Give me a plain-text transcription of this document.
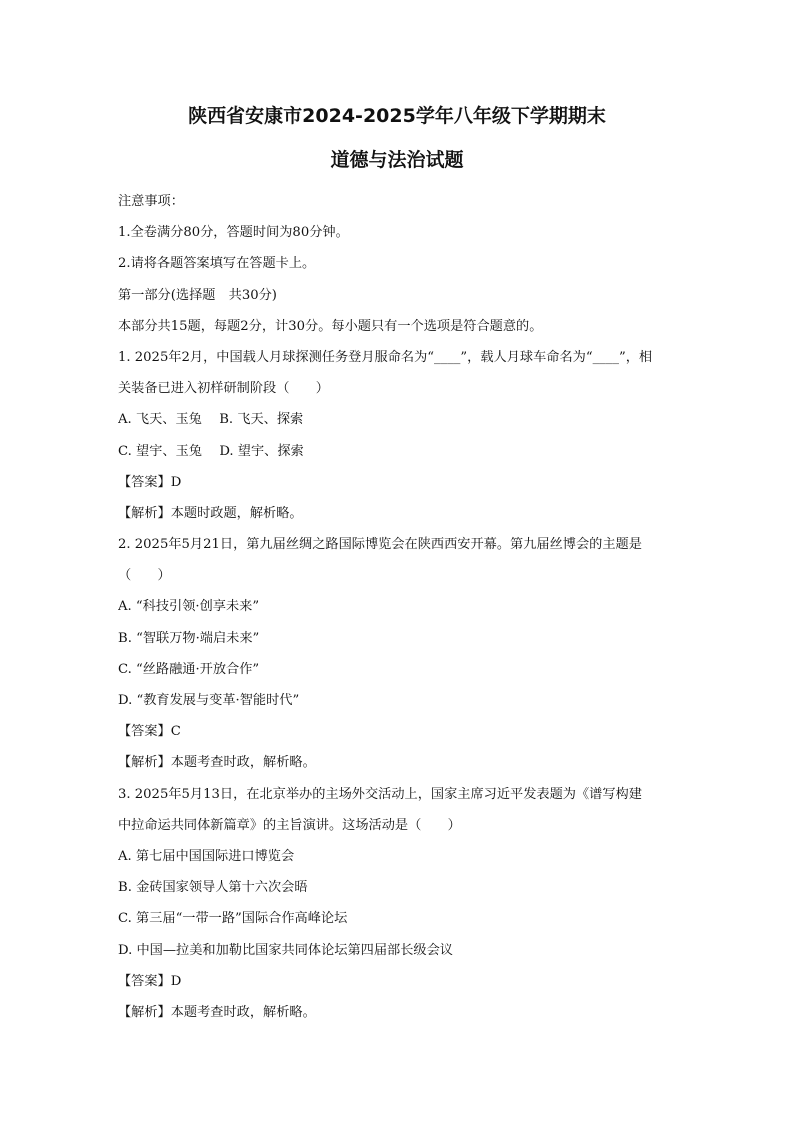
陕西省安康市2024-2025学年八年级下学期期末
道德与法治试题

注意事项：

1.全卷满分80分，答题时间为80分钟。

2.请将各题答案填写在答题卡上。

第一部分(选择题　共30分)

本部分共15题，每题2分，计30分。每小题只有一个选项是符合题意的。

1. 2025年2月，中国载人月球探测任务登月服命名为“____”，载人月球车命名为“____”，相

关装备已进入初样研制阶段（　　）

A. 飞天、玉兔　 B. 飞天、探索

C. 望宇、玉兔　 D. 望宇、探索

【答案】D

【解析】本题时政题，解析略。

2. 2025年5月21日，第九届丝绸之路国际博览会在陕西西安开幕。第九届丝博会的主题是

（　　）

A. “科技引领·创享未来”

B. “智联万物·端启未来”

C. “丝路融通·开放合作”

D. “教育发展与变革·智能时代”

【答案】C

【解析】本题考查时政，解析略。

3. 2025年5月13日，在北京举办的主场外交活动上，国家主席习近平发表题为《谱写构建

中拉命运共同体新篇章》的主旨演讲。这场活动是（　　）

A. 第七届中国国际进口博览会

B. 金砖国家领导人第十六次会晤

C. 第三届“一带一路”国际合作高峰论坛

D. 中国—拉美和加勒比国家共同体论坛第四届部长级会议

【答案】D

【解析】本题考查时政，解析略。
